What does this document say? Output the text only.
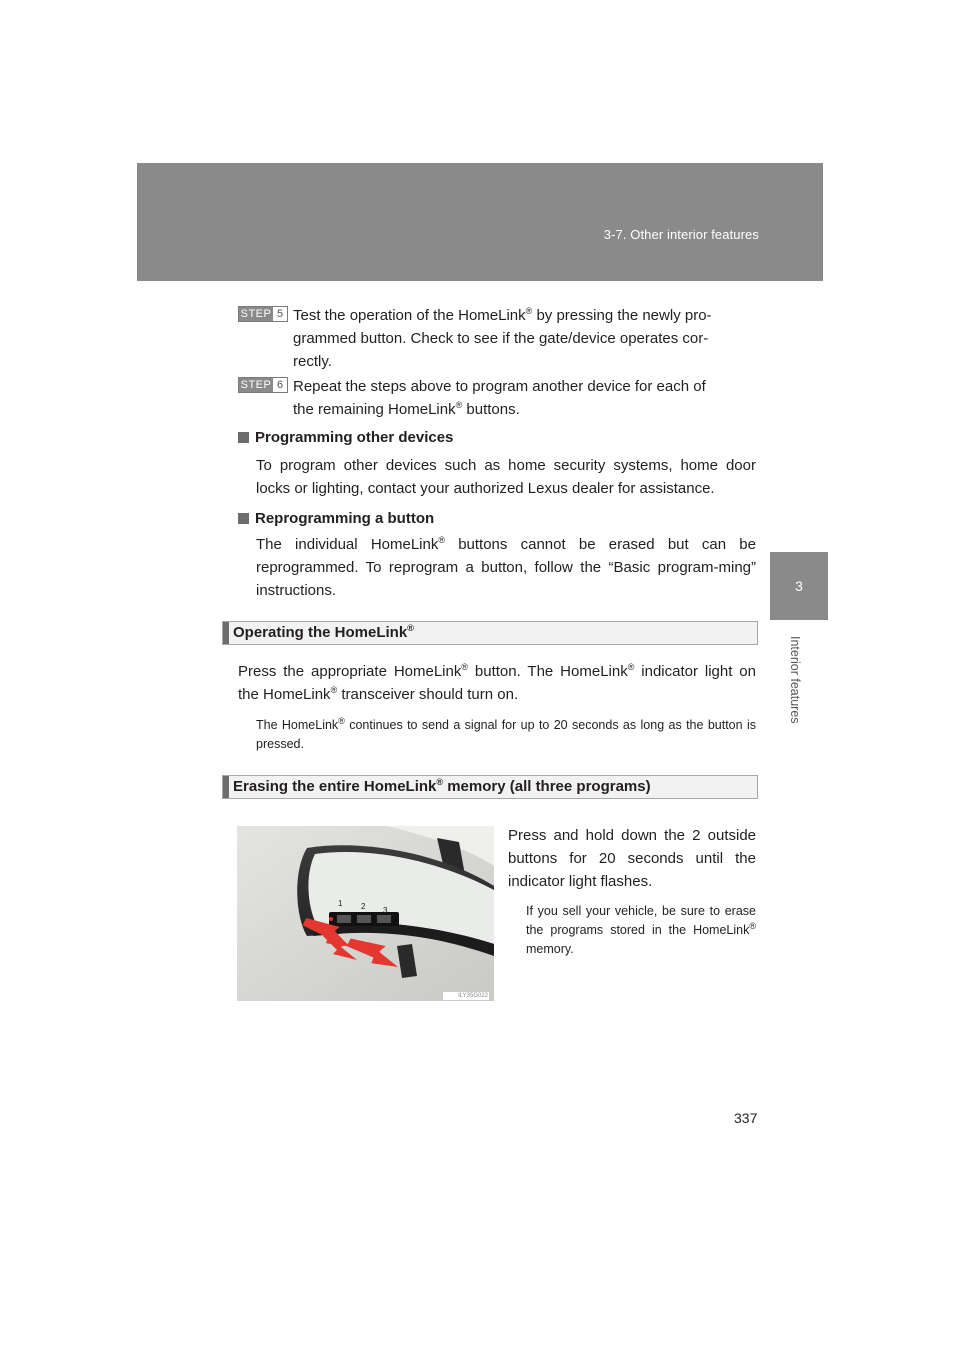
3-7. Other interior features
3
Interior features
STEP 5 Test the operation of the HomeLink® by pressing the newly pro-
grammed button. Check to see if the gate/device operates cor-
rectly.
STEP 6 Repeat the steps above to program another device for each of
the remaining HomeLink® buttons.
Programming other devices
To program other devices such as home security systems, home door locks or lighting, contact your authorized Lexus dealer for assistance.
Reprogramming a button
The individual HomeLink® buttons cannot be erased but can be reprogrammed. To reprogram a button, follow the “Basic program-ming” instructions.
Operating the HomeLink®
Press the appropriate HomeLink® button. The HomeLink® indicator light on the HomeLink® transceiver should turn on.
The HomeLink® continues to send a signal for up to 20 seconds as long as the button is pressed.
Erasing the entire HomeLink® memory (all three programs)
ILY35G022
1 2 3
Press and hold down the 2 outside buttons for 20 seconds until the indicator light flashes.
If you sell your vehicle, be sure to erase the programs stored in the HomeLink® memory.
337
